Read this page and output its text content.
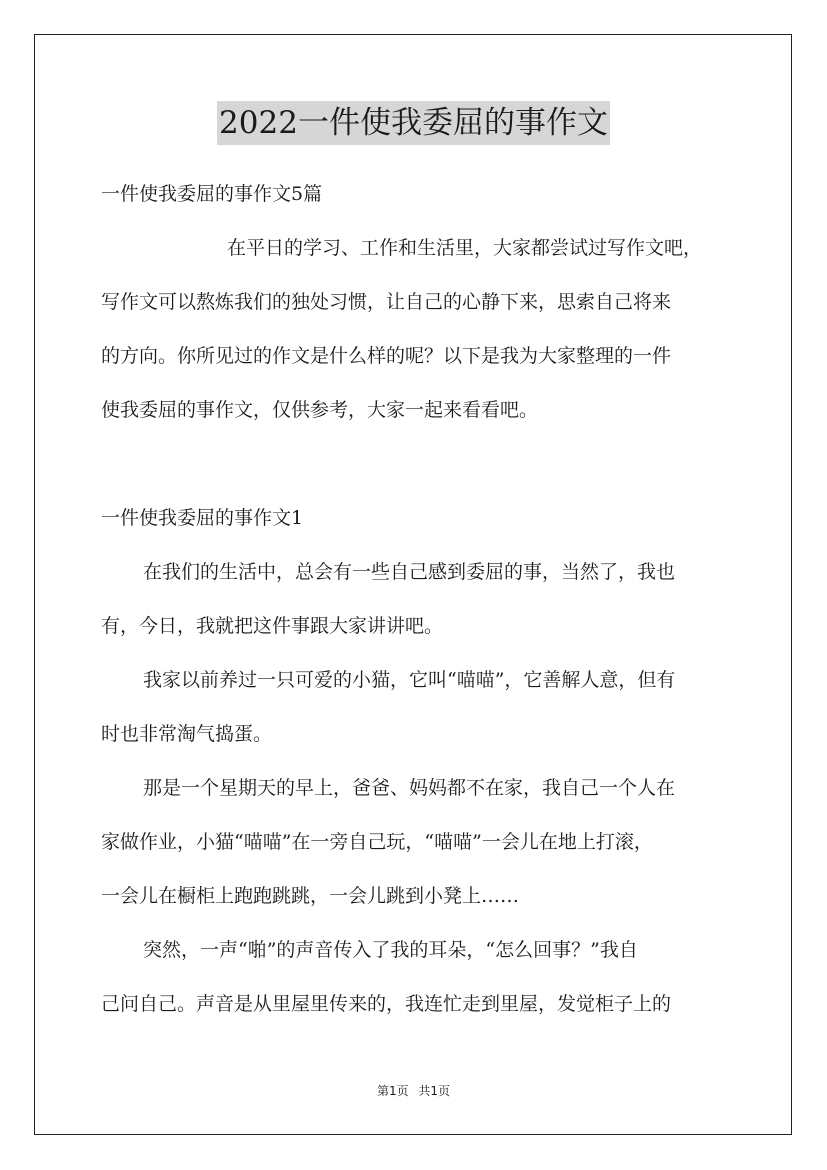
2022一件使我委屈的事作文

一件使我委屈的事作文5篇

在平日的学习、工作和生活里，大家都尝试过写作文吧，

写作文可以熬炼我们的独处习惯，让自己的心静下来，思索自己将来

的方向。你所见过的作文是什么样的呢？以下是我为大家整理的一件

使我委屈的事作文，仅供参考，大家一起来看看吧。

一件使我委屈的事作文1

在我们的生活中，总会有一些自己感到委屈的事，当然了，我也

有，今日，我就把这件事跟大家讲讲吧。

我家以前养过一只可爱的小猫，它叫“喵喵”，它善解人意，但有

时也非常淘气捣蛋。

那是一个星期天的早上，爸爸、妈妈都不在家，我自己一个人在

家做作业，小猫“喵喵”在一旁自己玩，“喵喵”一会儿在地上打滚，

一会儿在橱柜上跑跑跳跳，一会儿跳到小凳上……

突然，一声“啪”的声音传入了我的耳朵，“怎么回事？”我自

己问自己。声音是从里屋里传来的，我连忙走到里屋，发觉柜子上的

第1页 共1页
